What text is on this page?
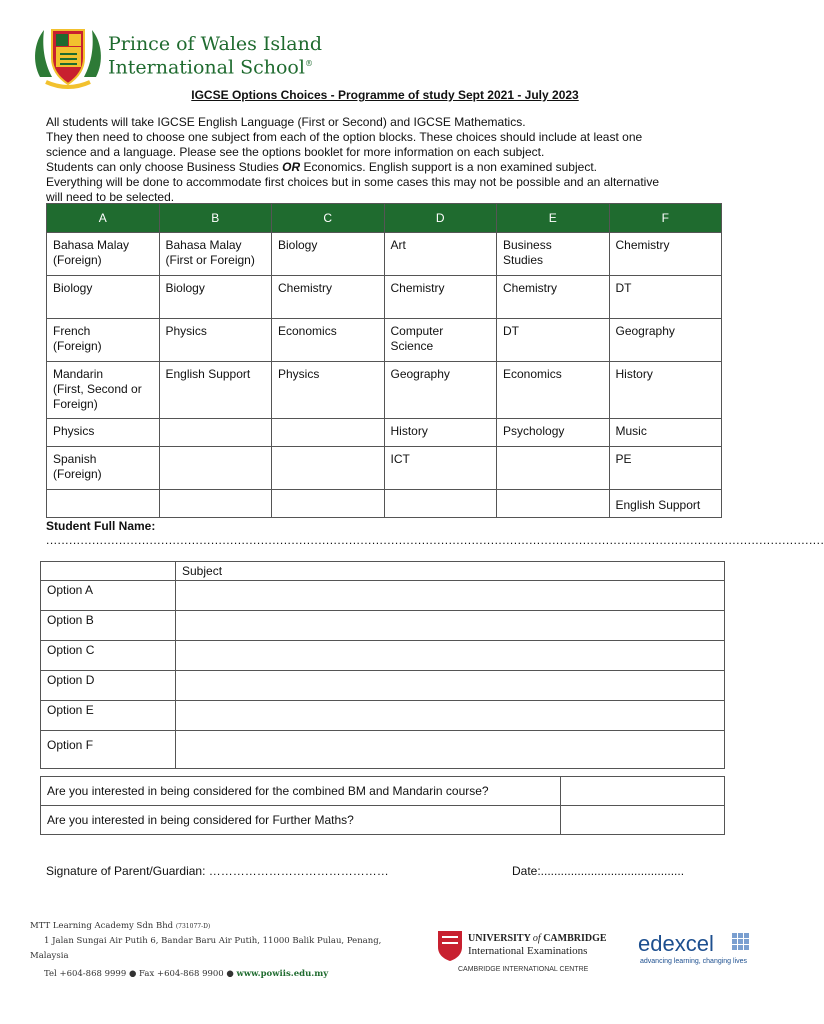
Prince of Wales Island
International School®
IGCSE Options Choices - Programme of study Sept 2021 - July 2023

All students will take IGCSE English Language (First or Second) and IGCSE Mathematics.

They then need to choose one subject from each of the option blocks. These choices should include at least one

science and a language. Please see the options booklet for more information on each subject.

Students can only choose Business Studies OR Economics. English support is a non examined subject.

Everything will be done to accommodate first choices but in some cases this may not be possible and an alternative

will need to be selected.

A	B	C	D	E	F
Bahasa Malay
(Foreign)	Bahasa Malay
(First or Foreign)	Biology	Art	Business
Studies	Chemistry
Biology	Biology	Chemistry	Chemistry	Chemistry	DT
French
(Foreign)	Physics	Economics	Computer
Science	DT	Geography
Mandarin
(First, Second or
Foreign)	English Support	Physics	Geography	Economics	History
Physics			History	Psychology	Music
Spanish
(Foreign)			ICT		PE
					English Support
Student Full Name:
...........................................................................................................................................................................................................
	Subject
Option A	
Option B	
Option C	
Option D	
Option E	
Option F	
Are you interested in being considered for the combined BM and Mandarin course?	
Are you interested in being considered for Further Maths?	
Signature of Parent/Guardian: ………………………………………	Date:...........................................
MTT Learning Academy Sdn Bhd (731077-D)
1 Jalan Sungai Air Putih 6, Bandar Baru Air Putih, 11000 Balik Pulau, Penang,
Malaysia
Tel +604-868 9999 ● Fax +604-868 9900 ● www.powiis.edu.my
UNIVERSITY of CAMBRIDGE
International Examinations
CAMBRIDGE INTERNATIONAL CENTRE
edexcel
advancing learning, changing lives
